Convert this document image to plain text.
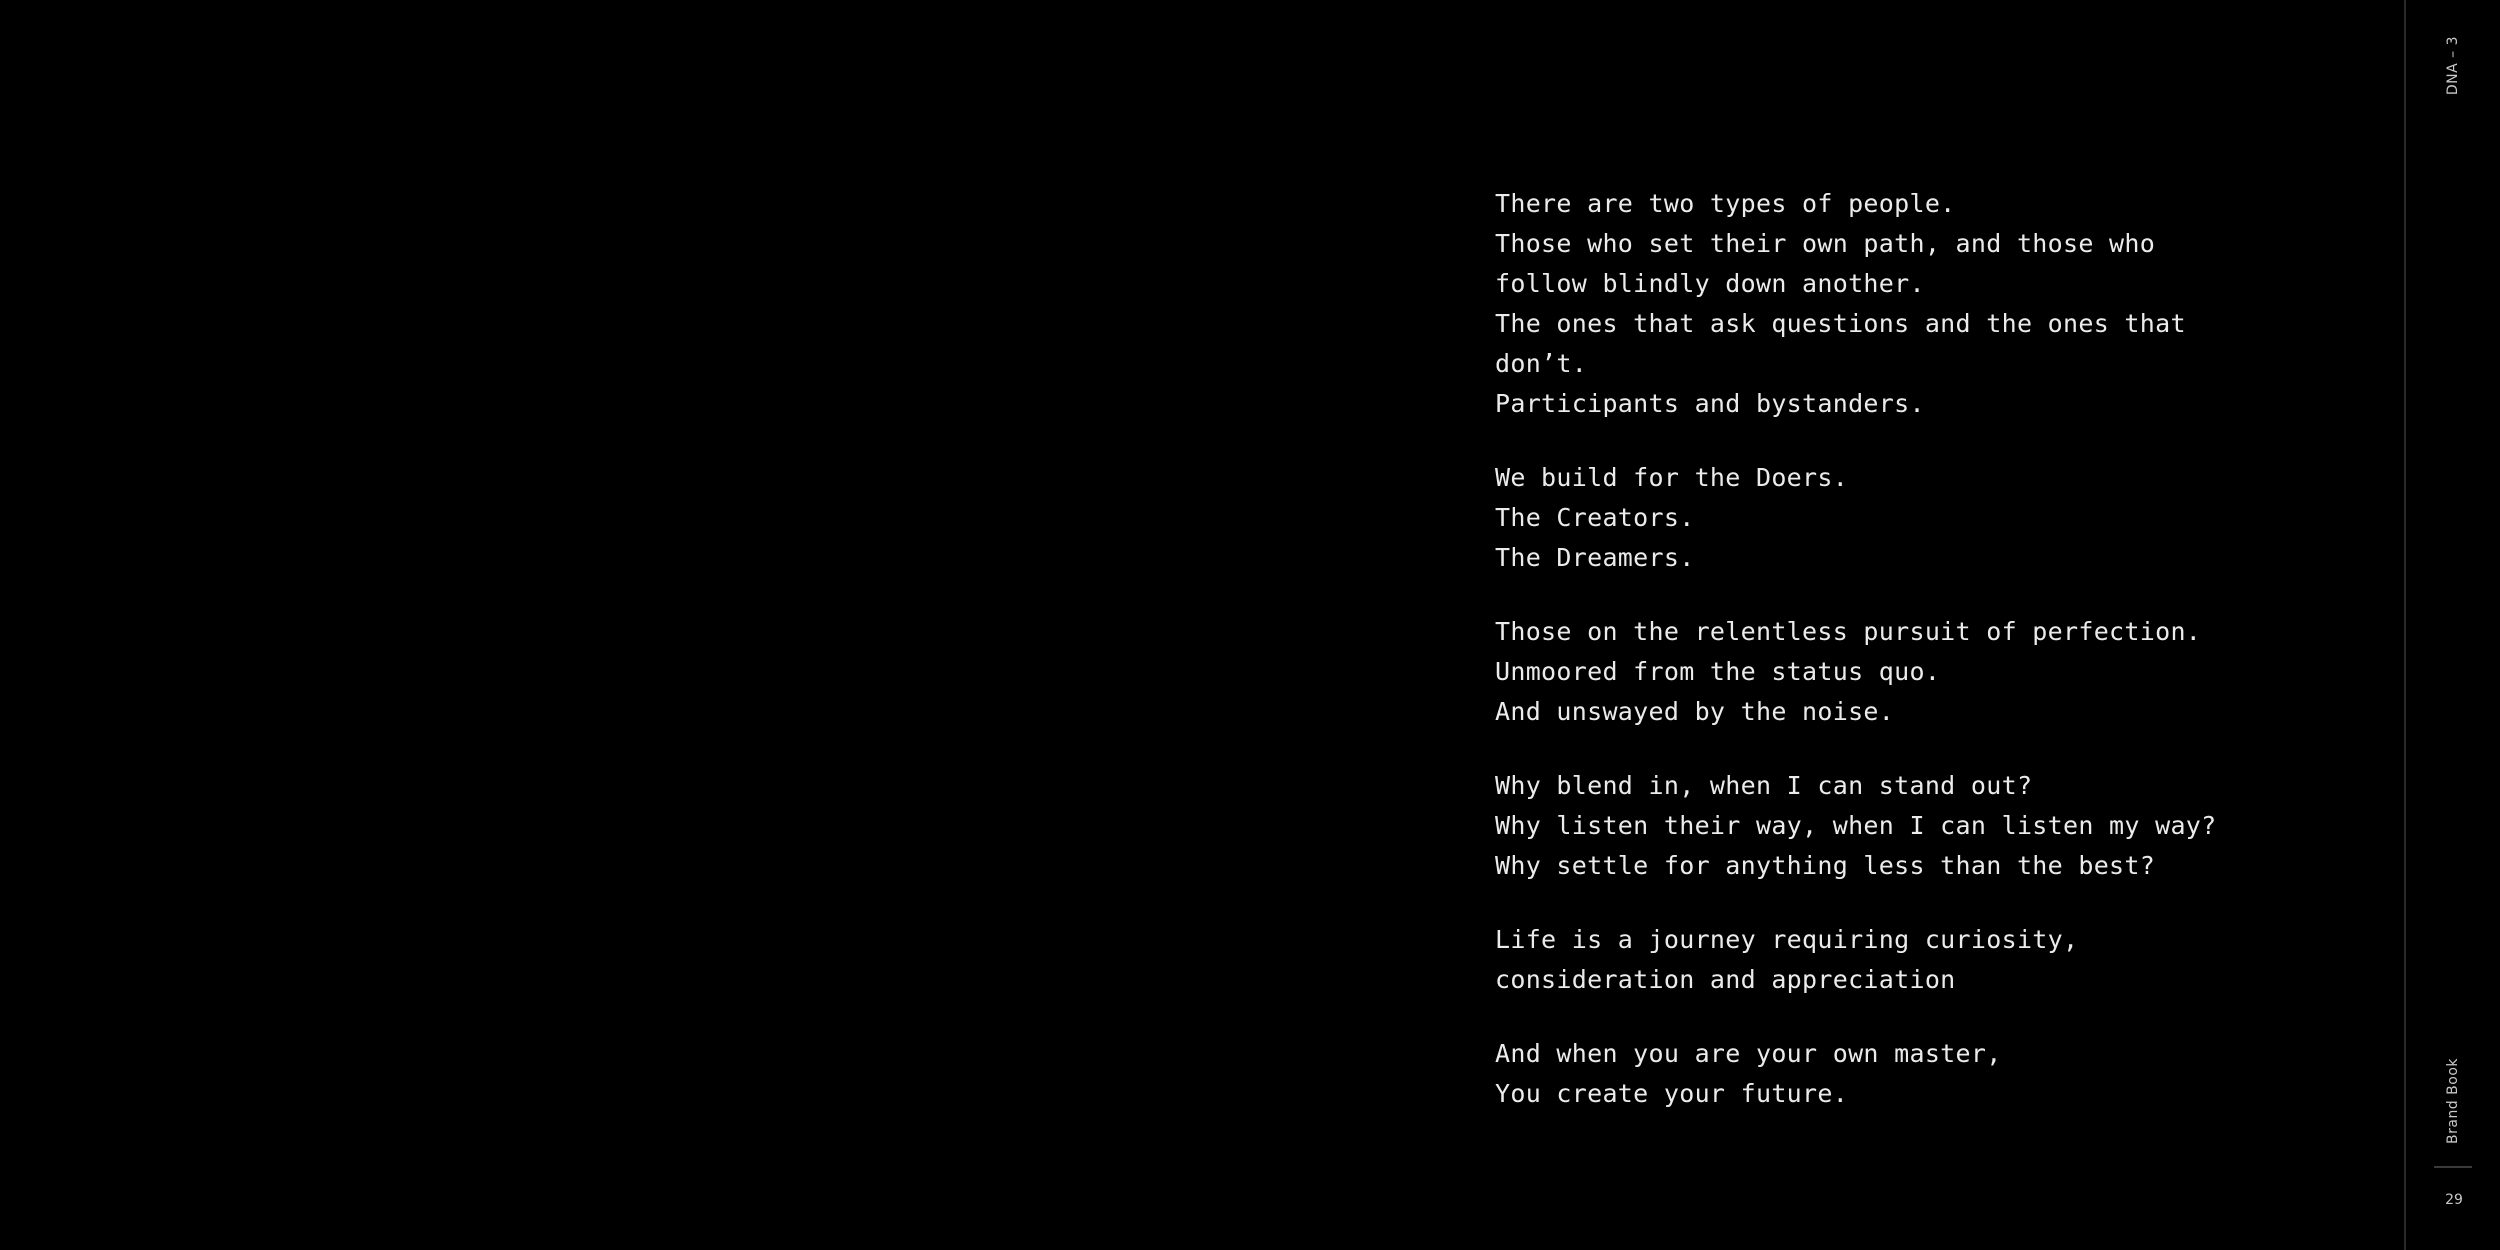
There are two types of people.
Those who set their own path, and those who follow blindly down another.
The ones that ask questions and the ones that don’t.
Participants and bystanders.
We build for the Doers.
The Creators.
The Dreamers.
Those on the relentless pursuit of perfection.
Unmoored from the status quo.
And unswayed by the noise.
Why blend in, when I can stand out?
Why listen their way, when I can listen my way?
Why settle for anything less than the best?
Life is a journey requiring curiosity, consideration and appreciation
And when you are your own master,
You create your future.
DNA – 3
Brand Book
29
